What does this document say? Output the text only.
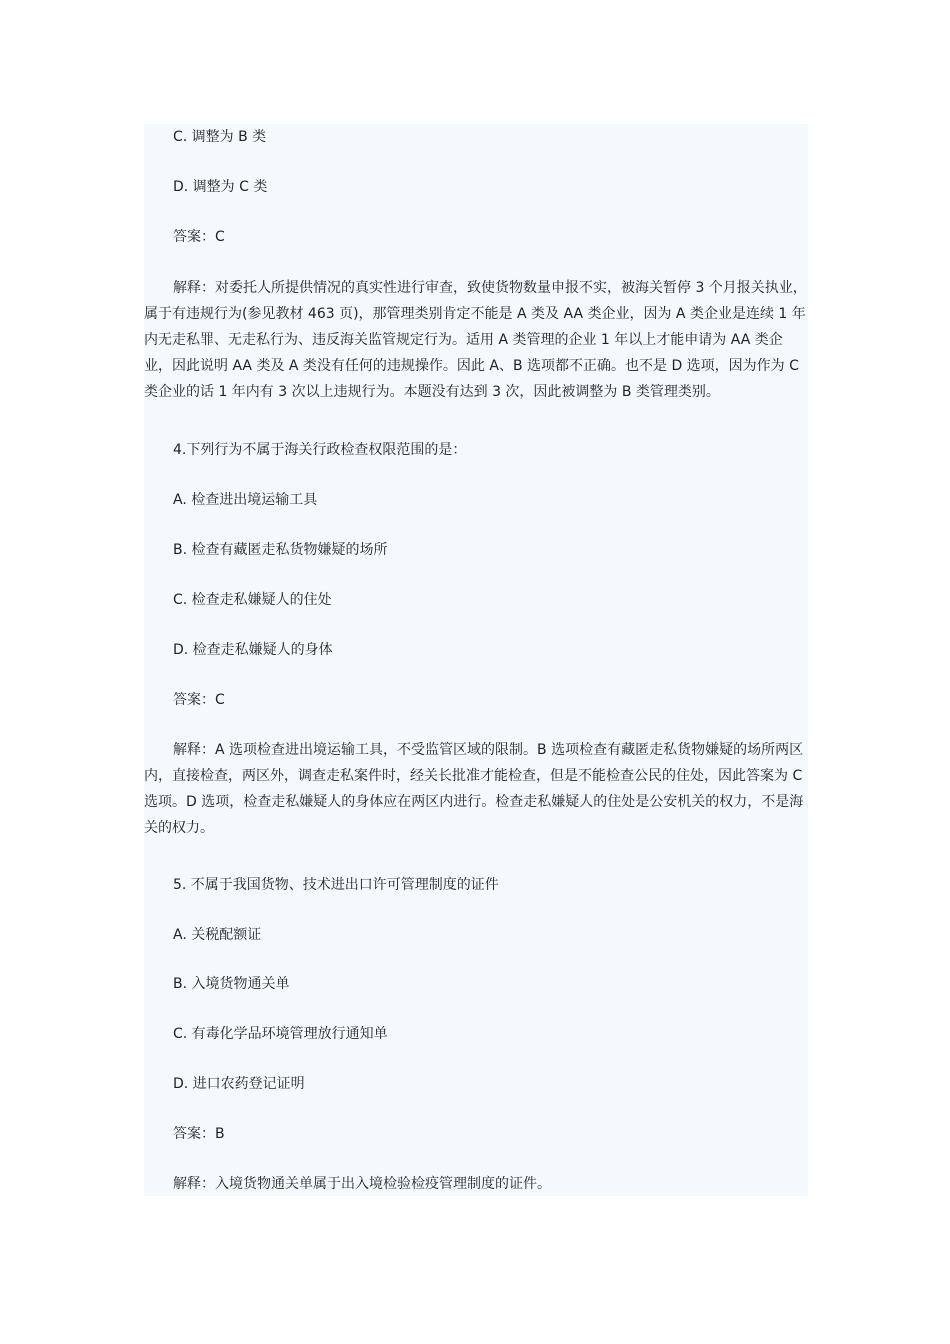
C. 调整为 B 类
D. 调整为 C 类
答案：C
解释：对委托人所提供情况的真实性进行审查，致使货物数量申报不实，被海关暂停 3 个月报关执业，属于有违规行为(参见教材 463 页)，那管理类别肯定不能是 A 类及 AA 类企业，因为 A 类企业是连续 1 年内无走私罪、无走私行为、违反海关监管规定行为。适用 A 类管理的企业 1 年以上才能申请为 AA 类企业，因此说明 AA 类及 A 类没有任何的违规操作。因此 A、B 选项都不正确。也不是 D 选项，因为作为 C 类企业的话 1 年内有 3 次以上违规行为。本题没有达到 3 次，因此被调整为 B 类管理类别。
4.下列行为不属于海关行政检查权限范围的是：
A. 检查进出境运输工具
B. 检查有藏匿走私货物嫌疑的场所
C. 检查走私嫌疑人的住处
D. 检查走私嫌疑人的身体
答案：C
解释：A 选项检查进出境运输工具，不受监管区域的限制。B 选项检查有藏匿走私货物嫌疑的场所两区内，直接检查，两区外，调查走私案件时，经关长批准才能检查，但是不能检查公民的住处，因此答案为 C 选项。D 选项，检查走私嫌疑人的身体应在两区内进行。检查走私嫌疑人的住处是公安机关的权力，不是海关的权力。
5. 不属于我国货物、技术进出口许可管理制度的证件
A. 关税配额证
B. 入境货物通关单
C. 有毒化学品环境管理放行通知单
D. 进口农药登记证明
答案：B
解释：入境货物通关单属于出入境检验检疫管理制度的证件。
